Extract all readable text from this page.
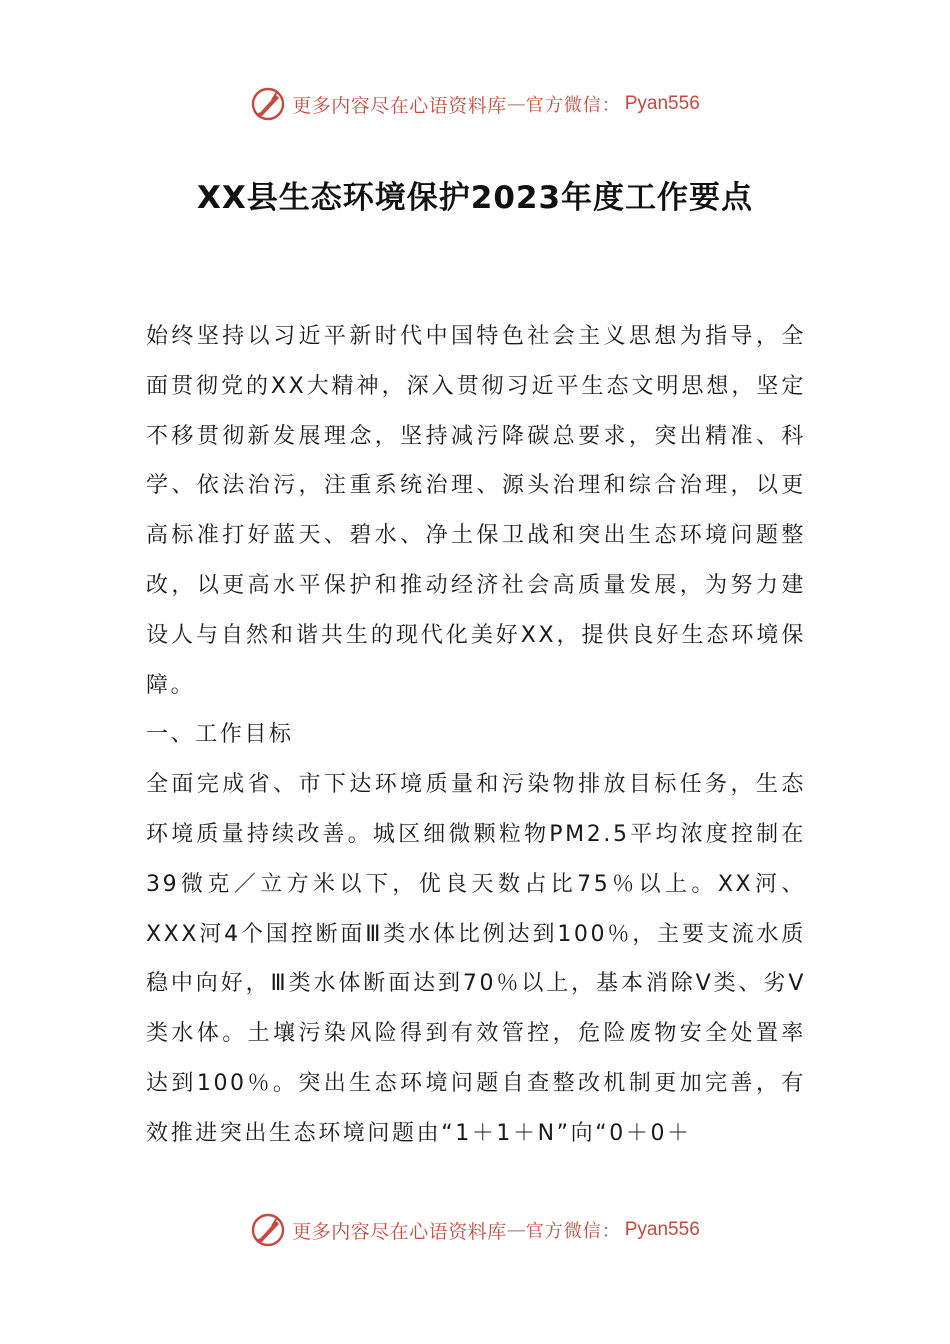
更多内容尽在心语资料库 — 官方微信： Pyan556
XX县生态环境保护2023年度工作要点

始终坚持以习近平新时代中国特色社会主义思想为指导，全面贯彻党的XX大精神，深入贯彻习近平生态文明思想，坚定不移贯彻新发展理念，坚持减污降碳总要求，突出精准、科学、依法治污，注重系统治理、源头治理和综合治理，以更高标准打好蓝天、碧水、净土保卫战和突出生态环境问题整改，以更高水平保护和推动经济社会高质量发展，为努力建设人与自然和谐共生的现代化美好XX，提供良好生态环境保障。

一、工作目标

全面完成省、市下达环境质量和污染物排放目标任务，生态环境质量持续改善。城区细微颗粒物PM2.5平均浓度控制在39微克／立方米以下，优良天数占比75％以上。XX河、XXX河4个国控断面Ⅲ类水体比例达到100％，主要支流水质稳中向好，Ⅲ类水体断面达到70％以上，基本消除Ⅴ类、劣Ⅴ类水体。土壤污染风险得到有效管控，危险废物安全处置率达到100％。突出生态环境问题自查整改机制更加完善，有效推进突出生态环境问题由“1＋1＋N”向“0＋0＋

更多内容尽在心语资料库 — 官方微信： Pyan556
